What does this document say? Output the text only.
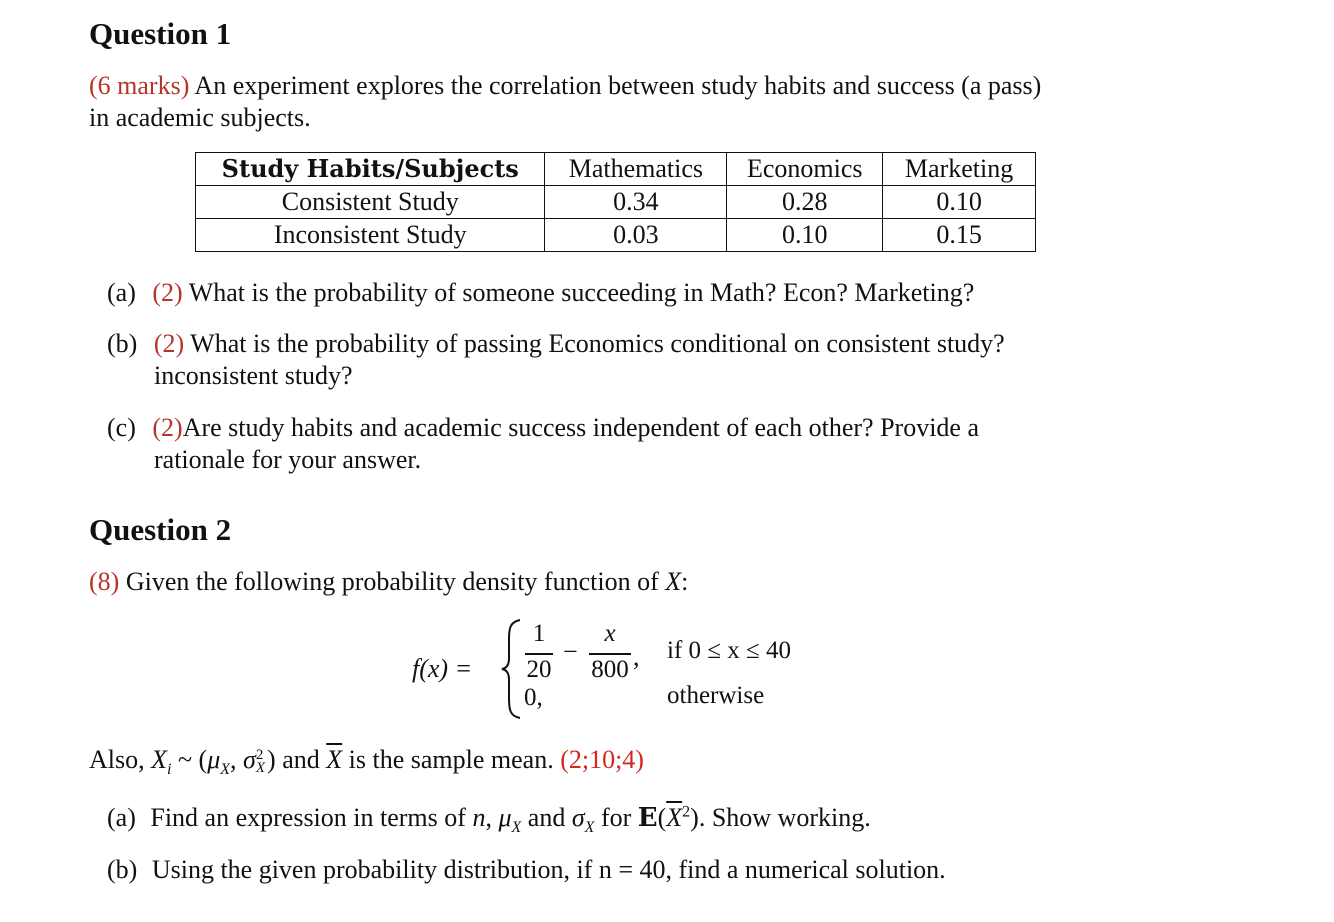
Question 1
(6 marks) An experiment explores the correlation between study habits and success (a pass)
in academic subjects.
Study Habits/Subjects	Mathematics	Economics	Marketing
Consistent Study	0.34	0.28	0.10
Inconsistent Study	0.03	0.10	0.15
(a) (2) What is the probability of someone succeeding in Math? Econ? Marketing?
(b) (2) What is the probability of passing Economics conditional on consistent study?
inconsistent study?
(c) (2)Are study habits and academic success independent of each other? Provide a
rationale for your answer.
Question 2
(8) Given the following probability density function of X:
f(x) =
1
20
−
x
800 ,
0,
if 0 ≤ x ≤ 40
otherwise
Also, $X_i$ ~ ($\mu_X$, σ 2
X ) and $\overline{X}$ is the sample mean. (2;10;4)
(a) Find an expression in terms of n, $\mu_X$ and $\sigma_X$ for $E(\overline{X}^2)$. Show working.
(b) Using the given probability distribution, if n = 40, find a numerical solution.
